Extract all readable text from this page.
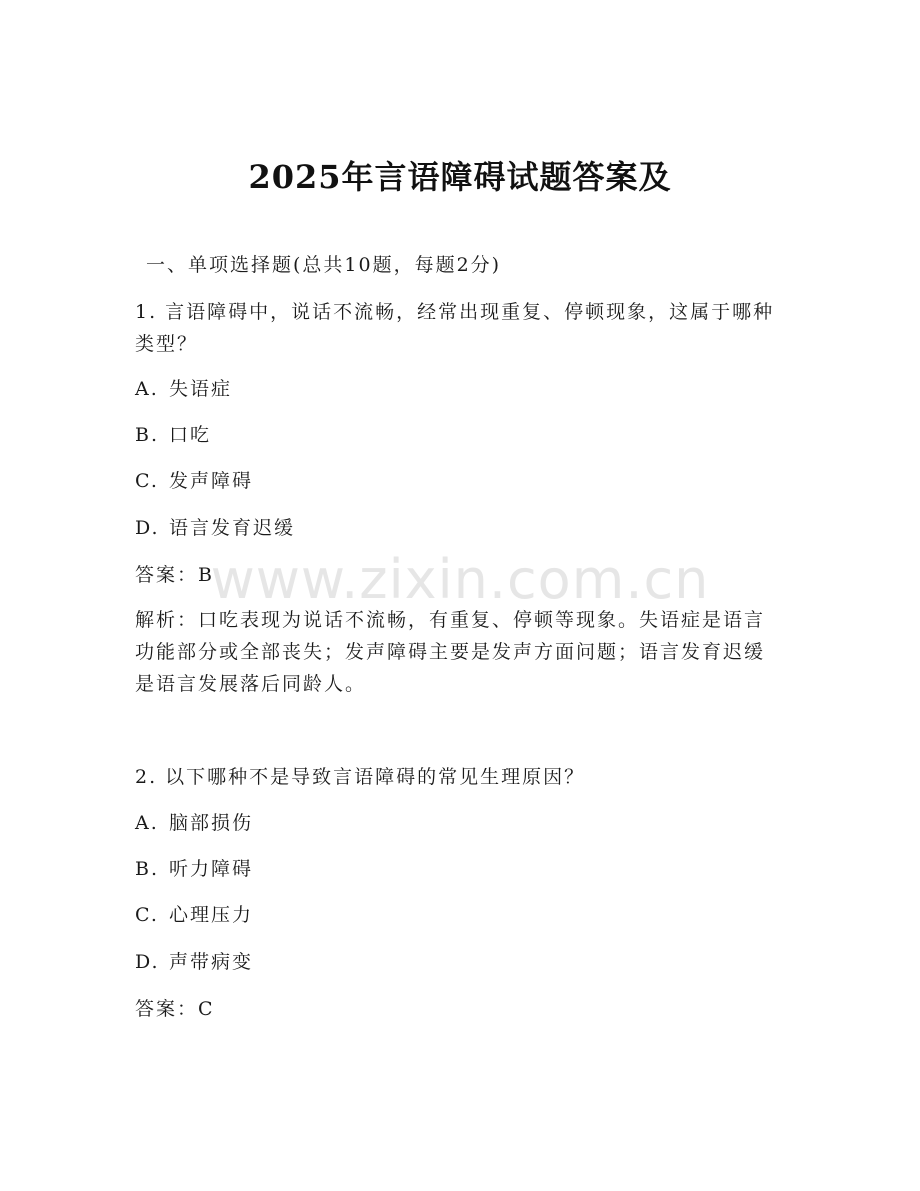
www.zixin.com.cn
2025年言语障碍试题答案及
一、单项选择题(总共10题，每题2分)
1. 言语障碍中，说话不流畅，经常出现重复、停顿现象，这属于哪种类型？
A. 失语症
B. 口吃
C. 发声障碍
D. 语言发育迟缓
答案：B
解析：口吃表现为说话不流畅，有重复、停顿等现象。失语症是语言功能部分或全部丧失；发声障碍主要是发声方面问题；语言发育迟缓是语言发展落后同龄人。
2. 以下哪种不是导致言语障碍的常见生理原因？
A. 脑部损伤
B. 听力障碍
C. 心理压力
D. 声带病变
答案：C
